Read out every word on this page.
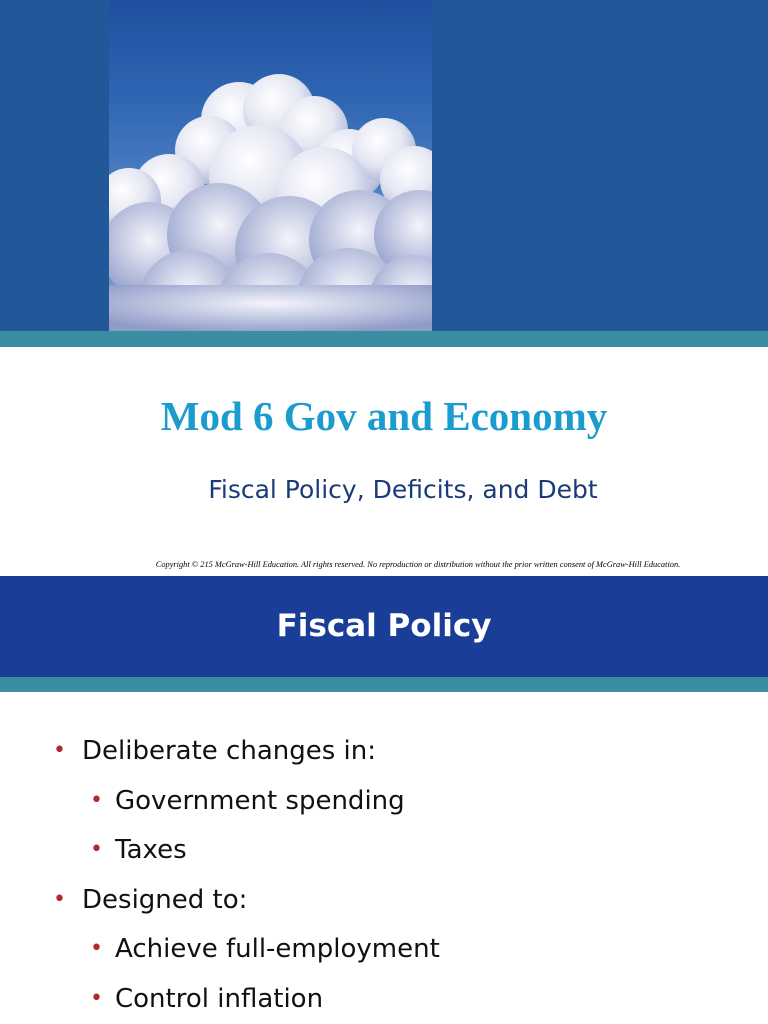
Mod 6 Gov and Economy
Fiscal Policy, Deficits, and Debt
Copyright © 215 McGraw-Hill Education. All rights reserved. No reproduction or distribution without the prior written consent of McGraw-Hill Education.
Fiscal Policy
• Deliberate changes in:
• Government spending
• Taxes
• Designed to:
• Achieve full-employment
• Control inflation
